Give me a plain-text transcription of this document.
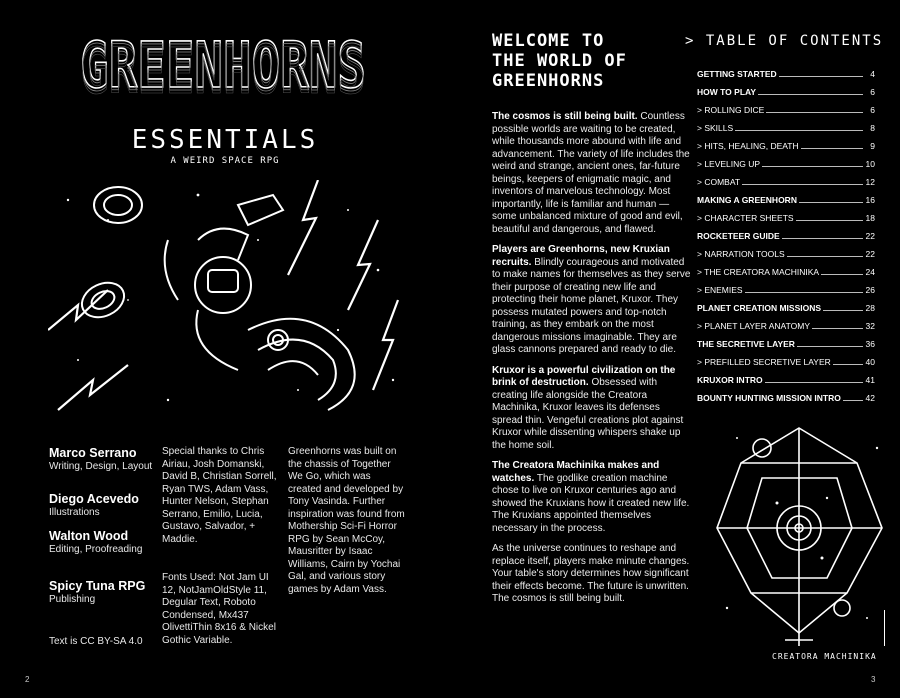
GREENHORNS
GREENHORNS
GREENHORNS
ESSENTIALS
A WEIRD SPACE RPG
Marco Serrano
Writing, Design, Layout
Diego Acevedo
Illustrations
Walton Wood
Editing, Proofreading
Spicy Tuna RPG
Publishing
Special thanks to Chris Airiau, Josh Domanski, David B, Christian Sorrell, Ryan TWS, Adam Vass, Hunter Nelson, Stephan Serrano, Emilio, Lucia, Gustavo, Salvador, + Maddie.
Fonts Used: Not Jam UI 12, NotJamOldStyle 11, Degular Text, Roboto Condensed, Mx437 OlivettiThin 8x16 & Nickel Gothic Variable.
Greenhorns was built on the chassis of Together We Go, which was created and developed by Tony Vasinda. Further inspiration was found from Mothership Sci-Fi Horror RPG by Sean McCoy, Mausritter by Isaac Williams, Cairn by Yochai Gal, and various story games by Adam Vass.
Text is CC BY-SA 4.0
2
WELCOME TO
THE WORLD OF
GREENHORNS

The cosmos is still being built. Countless possible worlds are waiting to be created, while thousands more abound with life and advancement. The variety of life includes the weird and strange, ancient ones, far-future beings, keepers of enigmatic magic, and inventors of marvelous technology. Most importantly, life is familiar and human — some unbalanced mixture of good and evil, beautiful and dangerous, and flawed.

Players are Greenhorns, new Kruxian recruits. Blindly courageous and motivated to make names for themselves as they serve their purpose of creating new life and protecting their home planet, Kruxor. They possess mutated powers and top-notch training, as they embark on the most dangerous missions imaginable. They are glass cannons prepared and ready to die.

Kruxor is a powerful civilization on the brink of destruction. Obsessed with creating life alongside the Creatora Machinika, Kruxor leaves its defenses spread thin. Vengeful creations plot against Kruxor while dissenting whispers shake up the home soil.

The Creatora Machinika makes and watches. The godlike creation machine chose to live on Kruxor centuries ago and showed the Kruxians how it created new life. The Kruxians appointed themselves necessary in the process.

As the universe continues to reshape and replace itself, players make minute changes. Your table's story determines how significant their effects become. The future is unwritten. The cosmos is still being built.

> TABLE OF CONTENTS
GETTING STARTED	4
HOW TO PLAY	6
> ROLLING DICE	6
> SKILLS	8
> HITS, HEALING, DEATH	9
> LEVELING UP	10
> COMBAT	12
MAKING A GREENHORN	16
> CHARACTER SHEETS	18
ROCKETEER GUIDE	22
> NARRATION TOOLS	22
> THE CREATORA MACHINIKA	24
> ENEMIES	26
PLANET CREATION MISSIONS	28
> PLANET LAYER ANATOMY	32
THE SECRETIVE LAYER	36
> PREFILLED SECRETIVE LAYER	40
KRUXOR INTRO	41
BOUNTY HUNTING MISSION INTRO	42
CREATORA MACHINIKA
3
